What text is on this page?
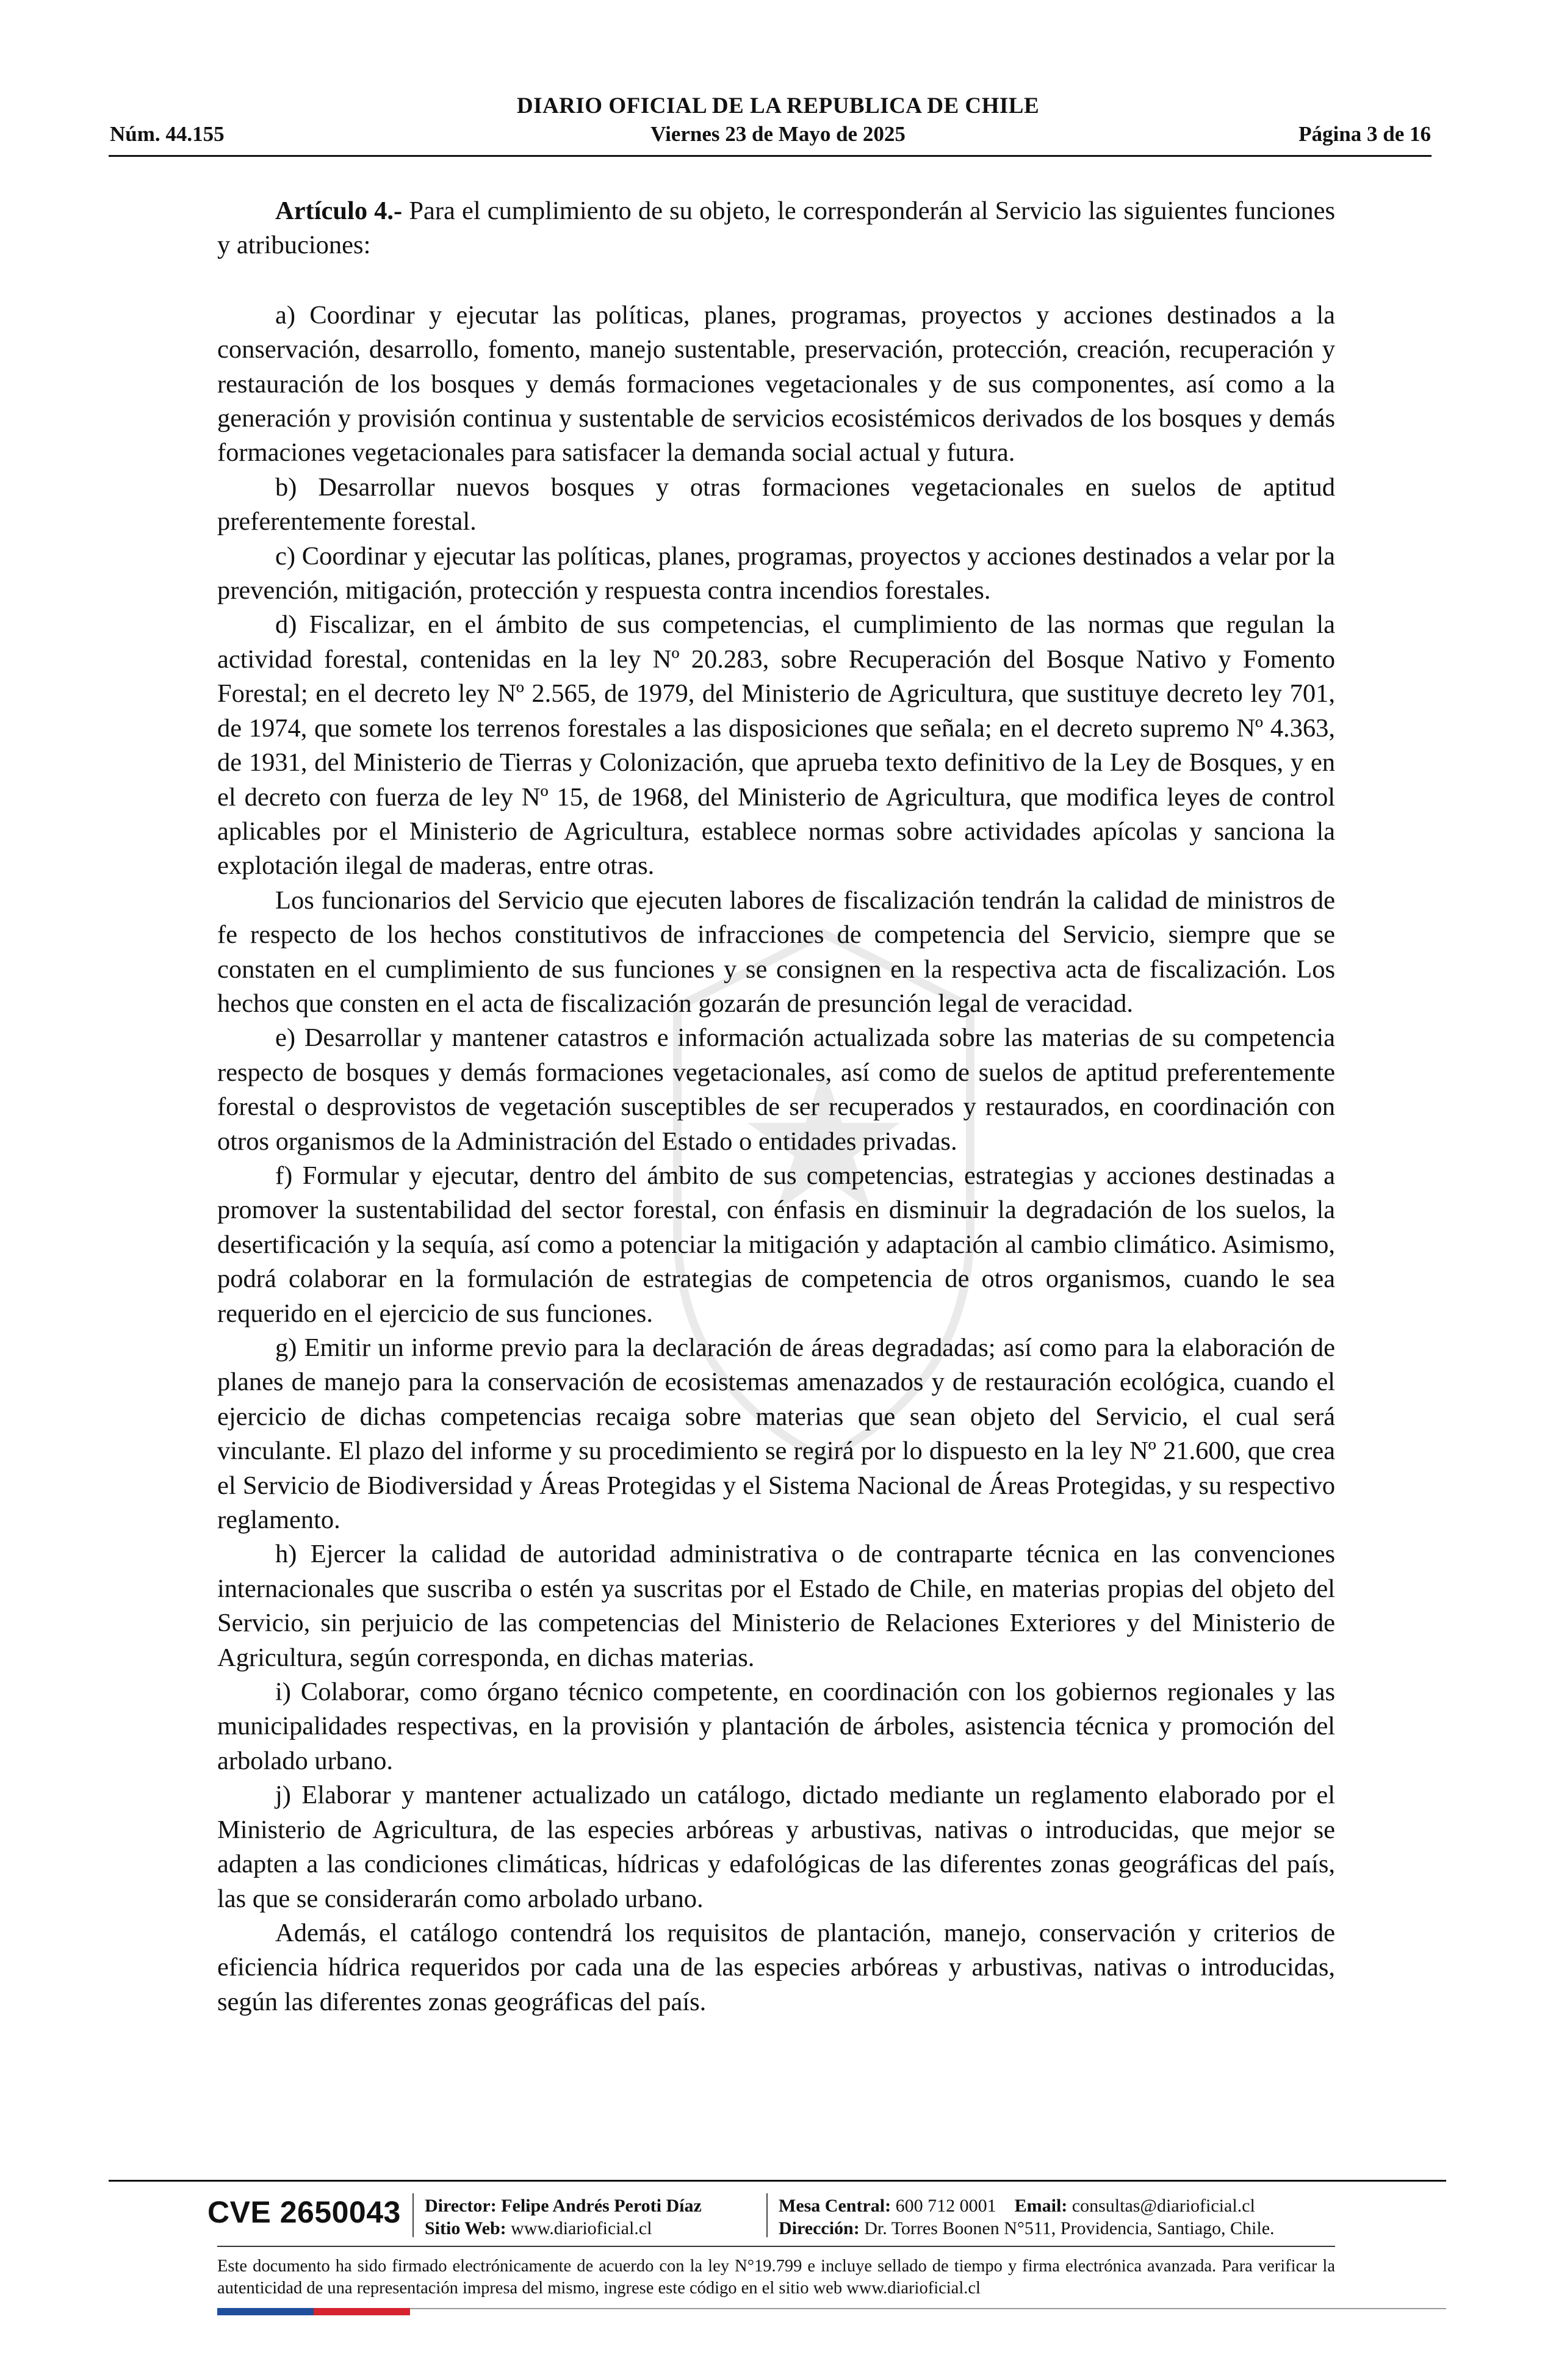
DIARIO OFICIAL DE LA REPUBLICA DE CHILE
Núm. 44.155	Viernes 23 de Mayo de 2025	Página 3 de 16

Artículo 4.- Para el cumplimiento de su objeto, le corresponderán al Servicio las siguientes funciones y atribuciones:

a) Coordinar y ejecutar las políticas, planes, programas, proyectos y acciones destinados a la conservación, desarrollo, fomento, manejo sustentable, preservación, protección, creación, recuperación y restauración de los bosques y demás formaciones vegetacionales y de sus componentes, así como a la generación y provisión continua y sustentable de servicios ecosistémicos derivados de los bosques y demás formaciones vegetacionales para satisfacer la demanda social actual y futura.

b) Desarrollar nuevos bosques y otras formaciones vegetacionales en suelos de aptitud preferentemente forestal.

c) Coordinar y ejecutar las políticas, planes, programas, proyectos y acciones destinados a velar por la prevención, mitigación, protección y respuesta contra incendios forestales.

d) Fiscalizar, en el ámbito de sus competencias, el cumplimiento de las normas que regulan la actividad forestal, contenidas en la ley Nº 20.283, sobre Recuperación del Bosque Nativo y Fomento Forestal; en el decreto ley Nº 2.565, de 1979, del Ministerio de Agricultura, que sustituye decreto ley 701, de 1974, que somete los terrenos forestales a las disposiciones que señala; en el decreto supremo Nº 4.363, de 1931, del Ministerio de Tierras y Colonización, que aprueba texto definitivo de la Ley de Bosques, y en el decreto con fuerza de ley Nº 15, de 1968, del Ministerio de Agricultura, que modifica leyes de control aplicables por el Ministerio de Agricultura, establece normas sobre actividades apícolas y sanciona la explotación ilegal de maderas, entre otras.

Los funcionarios del Servicio que ejecuten labores de fiscalización tendrán la calidad de ministros de fe respecto de los hechos constitutivos de infracciones de competencia del Servicio, siempre que se constaten en el cumplimiento de sus funciones y se consignen en la respectiva acta de fiscalización. Los hechos que consten en el acta de fiscalización gozarán de presunción legal de veracidad.

e) Desarrollar y mantener catastros e información actualizada sobre las materias de su competencia respecto de bosques y demás formaciones vegetacionales, así como de suelos de aptitud preferentemente forestal o desprovistos de vegetación susceptibles de ser recuperados y restaurados, en coordinación con otros organismos de la Administración del Estado o entidades privadas.

f) Formular y ejecutar, dentro del ámbito de sus competencias, estrategias y acciones destinadas a promover la sustentabilidad del sector forestal, con énfasis en disminuir la degradación de los suelos, la desertificación y la sequía, así como a potenciar la mitigación y adaptación al cambio climático. Asimismo, podrá colaborar en la formulación de estrategias de competencia de otros organismos, cuando le sea requerido en el ejercicio de sus funciones.

g) Emitir un informe previo para la declaración de áreas degradadas; así como para la elaboración de planes de manejo para la conservación de ecosistemas amenazados y de restauración ecológica, cuando el ejercicio de dichas competencias recaiga sobre materias que sean objeto del Servicio, el cual será vinculante. El plazo del informe y su procedimiento se regirá por lo dispuesto en la ley Nº 21.600, que crea el Servicio de Biodiversidad y Áreas Protegidas y el Sistema Nacional de Áreas Protegidas, y su respectivo reglamento.

h) Ejercer la calidad de autoridad administrativa o de contraparte técnica en las convenciones internacionales que suscriba o estén ya suscritas por el Estado de Chile, en materias propias del objeto del Servicio, sin perjuicio de las competencias del Ministerio de Relaciones Exteriores y del Ministerio de Agricultura, según corresponda, en dichas materias.

i) Colaborar, como órgano técnico competente, en coordinación con los gobiernos regionales y las municipalidades respectivas, en la provisión y plantación de árboles, asistencia técnica y promoción del arbolado urbano.

j) Elaborar y mantener actualizado un catálogo, dictado mediante un reglamento elaborado por el Ministerio de Agricultura, de las especies arbóreas y arbustivas, nativas o introducidas, que mejor se adapten a las condiciones climáticas, hídricas y edafológicas de las diferentes zonas geográficas del país, las que se considerarán como arbolado urbano.

Además, el catálogo contendrá los requisitos de plantación, manejo, conservación y criterios de eficiencia hídrica requeridos por cada una de las especies arbóreas y arbustivas, nativas o introducidas, según las diferentes zonas geográficas del país.

CVE 2650043 Director: Felipe Andrés Peroti Díaz
Sitio Web: www.diarioficial.cl
Mesa Central: 600 712 0001 Email: consultas@diarioficial.cl
Dirección: Dr. Torres Boonen N°511, Providencia, Santiago, Chile.
Este documento ha sido firmado electrónicamente de acuerdo con la ley N°19.799 e incluye sellado de tiempo y firma electrónica avanzada. Para verificar la autenticidad de una representación impresa del mismo, ingrese este código en el sitio web www.diarioficial.cl
